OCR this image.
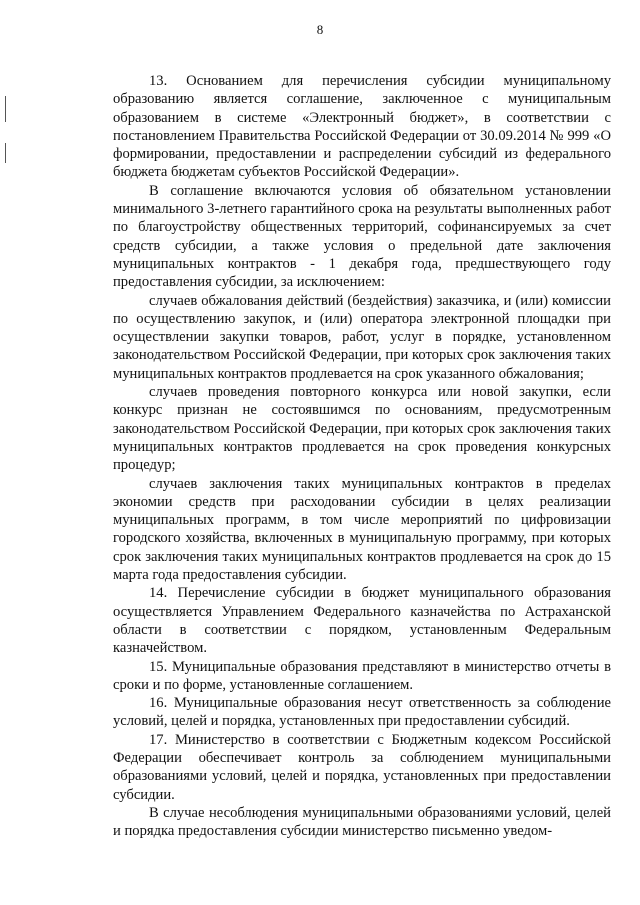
8

13. Основанием для перечисления субсидии муниципальному образованию является соглашение, заключенное с муниципальным образованием в системе «Электронный бюджет», в соответствии с постановлением Правительства Российской Федерации от 30.09.2014 № 999 «О формировании, предоставлении и распределении субсидий из федерального бюджета бюджетам субъектов Российской Федерации».

В соглашение включаются условия об обязательном установлении минимального 3-летнего гарантийного срока на результаты выполненных работ по благоустройству общественных территорий, софинансируемых за счет средств субсидии, а также условия о предельной дате заключения муниципальных контрактов - 1 декабря года, предшествующего году предоставления субсидии, за исключением:

случаев обжалования действий (бездействия) заказчика, и (или) комиссии по осуществлению закупок, и (или) оператора электронной площадки при осуществлении закупки товаров, работ, услуг в порядке, установленном законодательством Российской Федерации, при которых срок заключения таких муниципальных контрактов продлевается на срок указанного обжалования;

случаев проведения повторного конкурса или новой закупки, если конкурс признан не состоявшимся по основаниям, предусмотренным законодательством Российской Федерации, при которых срок заключения таких муниципальных контрактов продлевается на срок проведения конкурсных процедур;

случаев заключения таких муниципальных контрактов в пределах экономии средств при расходовании субсидии в целях реализации муниципальных программ, в том числе мероприятий по цифровизации городского хозяйства, включенных в муниципальную программу, при которых срок заключения таких муниципальных контрактов продлевается на срок до 15 марта года предоставления субсидии.

14. Перечисление субсидии в бюджет муниципального образования осуществляется Управлением Федерального казначейства по Астраханской области в соответствии с порядком, установленным Федеральным казначейством.

15. Муниципальные образования представляют в министерство отчеты в сроки и по форме, установленные соглашением.

16. Муниципальные образования несут ответственность за соблюдение условий, целей и порядка, установленных при предоставлении субсидий.

17. Министерство в соответствии с Бюджетным кодексом Российской Федерации обеспечивает контроль за соблюдением муниципальными образованиями условий, целей и порядка, установленных при предоставлении субсидии.

В случае несоблюдения муниципальными образованиями условий, целей и порядка предоставления субсидии министерство письменно уведом-
